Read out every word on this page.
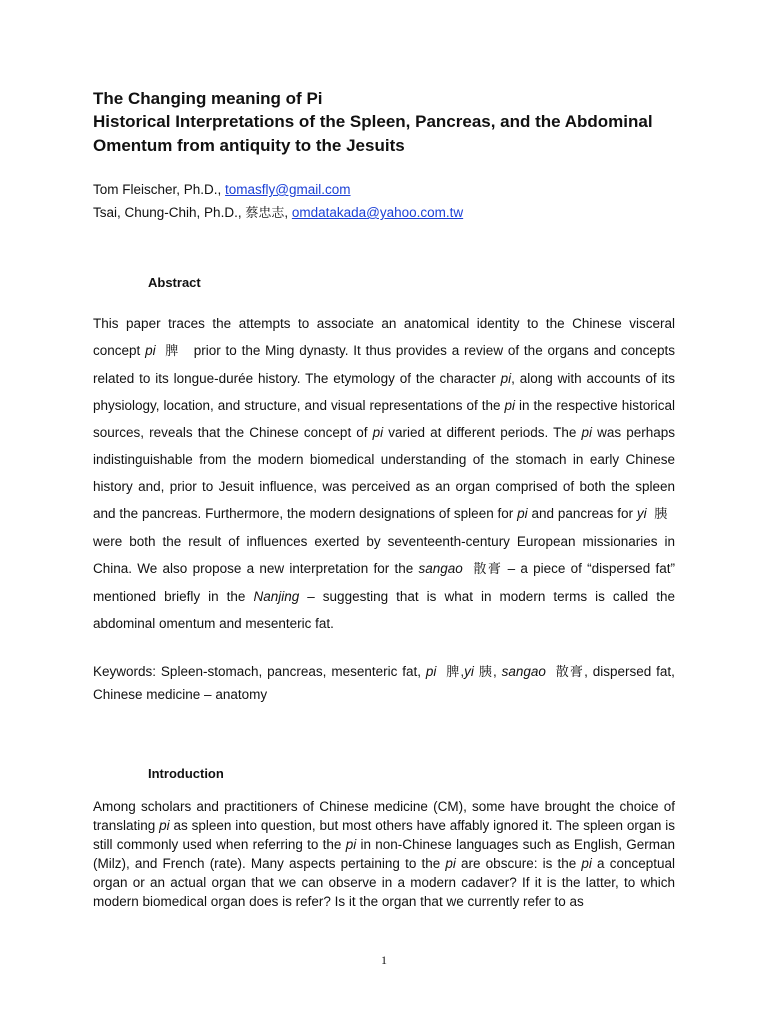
The Changing meaning of Pi
Historical Interpretations of the Spleen, Pancreas, and the Abdominal Omentum from antiquity to the Jesuits
Tom Fleischer, Ph.D., tomasfly@gmail.com
Tsai, Chung-Chih, Ph.D., 蔡忠志, omdatakada@yahoo.com.tw
Abstract

This paper traces the attempts to associate an anatomical identity to the Chinese visceral concept pi 脾   prior to the Ming dynasty. It thus provides a review of the organs and concepts related to its longue-durée history. The etymology of the character pi, along with accounts of its physiology, location, and structure, and visual representations of the pi in the respective historical sources, reveals that the Chinese concept of pi varied at different periods. The pi was perhaps indistinguishable from the modern biomedical understanding of the stomach in early Chinese history and, prior to Jesuit influence, was perceived as an organ comprised of both the spleen and the pancreas. Furthermore, the modern designations of spleen for pi and pancreas for yi 胰   were both the result of influences exerted by seventeenth-century European missionaries in China. We also propose a new interpretation for the sangao 散膏 – a piece of “dispersed fat” mentioned briefly in the Nanjing – suggesting that is what in modern terms is called the abdominal omentum and mesenteric fat.

Keywords: Spleen-stomach, pancreas, mesenteric fat, pi 脾,yi 胰, sangao 散膏, dispersed fat, Chinese medicine – anatomy

Introduction

Among scholars and practitioners of Chinese medicine (CM), some have brought the choice of translating pi as spleen into question, but most others have affably ignored it. The spleen organ is still commonly used when referring to the pi in non-Chinese languages such as English, German (Milz), and French (rate). Many aspects pertaining to the pi are obscure: is the pi a conceptual organ or an actual organ that we can observe in a modern cadaver? If it is the latter, to which modern biomedical organ does is refer? Is it the organ that we currently refer to as

1
